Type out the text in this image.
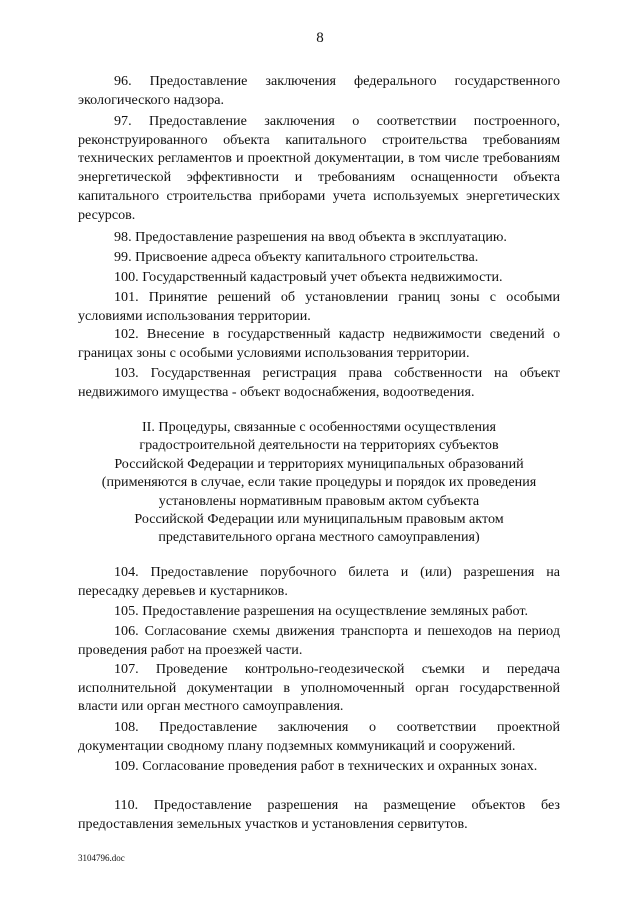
8

96. Предоставление заключения федерального государственного экологического надзора.

97. Предоставление заключения о соответствии построенного, реконструированного объекта капитального строительства требованиям технических регламентов и проектной документации, в том числе требованиям энергетической эффективности и требованиям оснащенности объекта капитального строительства приборами учета используемых энергетических ресурсов.

98. Предоставление разрешения на ввод объекта в эксплуатацию.

99. Присвоение адреса объекту капитального строительства.

100. Государственный кадастровый учет объекта недвижимости.

101. Принятие решений об установлении границ зоны с особыми условиями использования территории.

102. Внесение в государственный кадастр недвижимости сведений о границах зоны с особыми условиями использования территории.

103. Государственная регистрация права собственности на объект недвижимого имущества - объект водоснабжения, водоотведения.

II. Процедуры, связанные с особенностями осуществления
градостроительной деятельности на территориях субъектов
Российской Федерации и территориях муниципальных образований
(применяются в случае, если такие процедуры и порядок их проведения
установлены нормативным правовым актом субъекта
Российской Федерации или муниципальным правовым актом
представительного органа местного самоуправления)

104. Предоставление порубочного билета и (или) разрешения на пересадку деревьев и кустарников.

105. Предоставление разрешения на осуществление земляных работ.

106. Согласование схемы движения транспорта и пешеходов на период проведения работ на проезжей части.

107. Проведение контрольно-геодезической съемки и передача исполнительной документации в уполномоченный орган государственной власти или орган местного самоуправления.

108. Предоставление заключения о соответствии проектной документации сводному плану подземных коммуникаций и сооружений.

109. Согласование проведения работ в технических и охранных зонах.

110. Предоставление разрешения на размещение объектов без предоставления земельных участков и установления сервитутов.

3104796.doc
